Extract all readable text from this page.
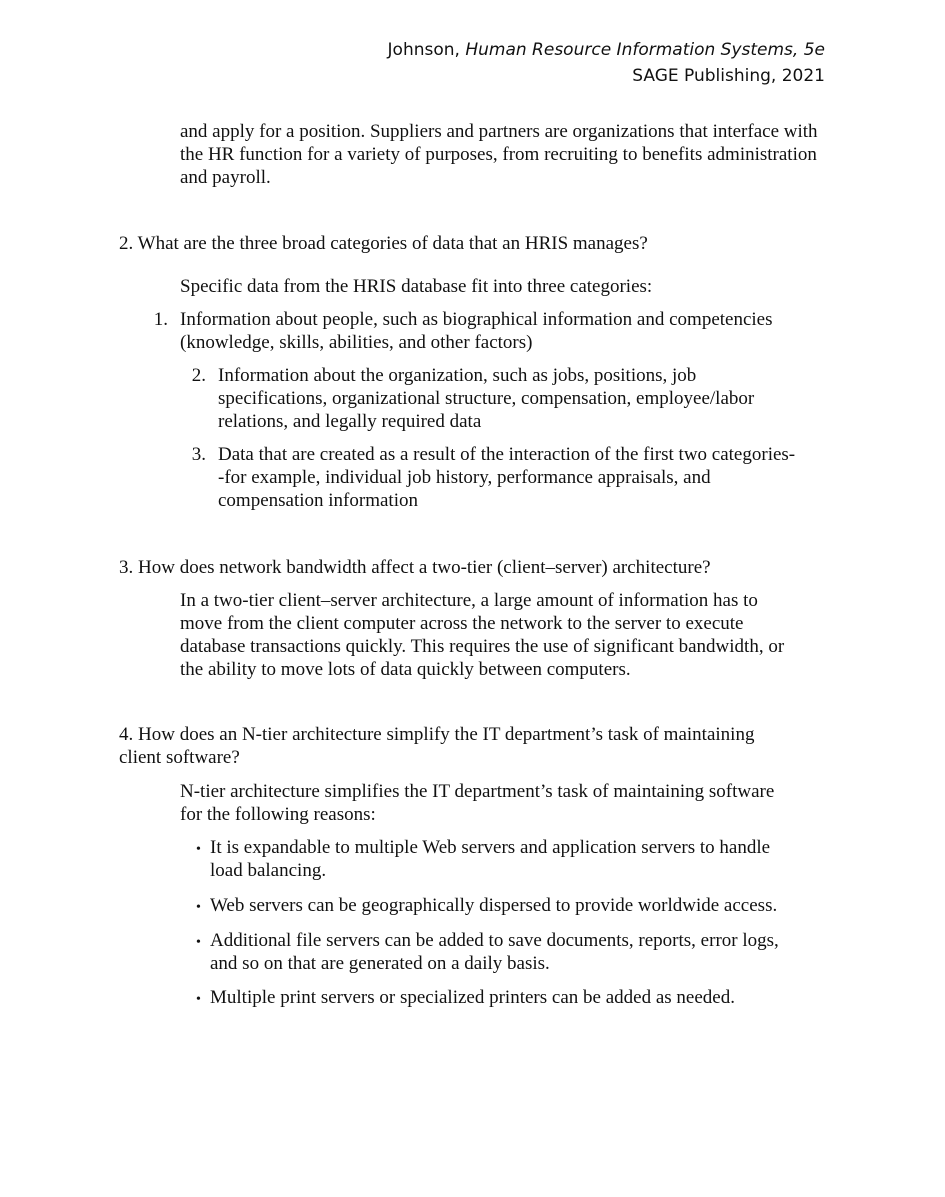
Johnson, Human Resource Information Systems, 5e
SAGE Publishing, 2021
and apply for a position. Suppliers and partners are organizations that interface with the HR function for a variety of purposes, from recruiting to benefits administration and payroll.
2. What are the three broad categories of data that an HRIS manages?
Specific data from the HRIS database fit into three categories:
1. Information about people, such as biographical information and competencies
(knowledge, skills, abilities, and other factors)
2. Information about the organization, such as jobs, positions, job
specifications, organizational structure, compensation, employee/labor
relations, and legally required data
3. Data that are created as a result of the interaction of the first two categories-
-for example, individual job history, performance appraisals, and
compensation information
3. How does network bandwidth affect a two-tier (client–server) architecture?
In a two-tier client–server architecture, a large amount of information has to
move from the client computer across the network to the server to execute
database transactions quickly. This requires the use of significant bandwidth, or
the ability to move lots of data quickly between computers.
4. How does an N-tier architecture simplify the IT department’s task of maintaining
client software?
N-tier architecture simplifies the IT department’s task of maintaining software
for the following reasons:
• It is expandable to multiple Web servers and application servers to handle
load balancing.
• Web servers can be geographically dispersed to provide worldwide access.
• Additional file servers can be added to save documents, reports, error logs,
and so on that are generated on a daily basis.
• Multiple print servers or specialized printers can be added as needed.
